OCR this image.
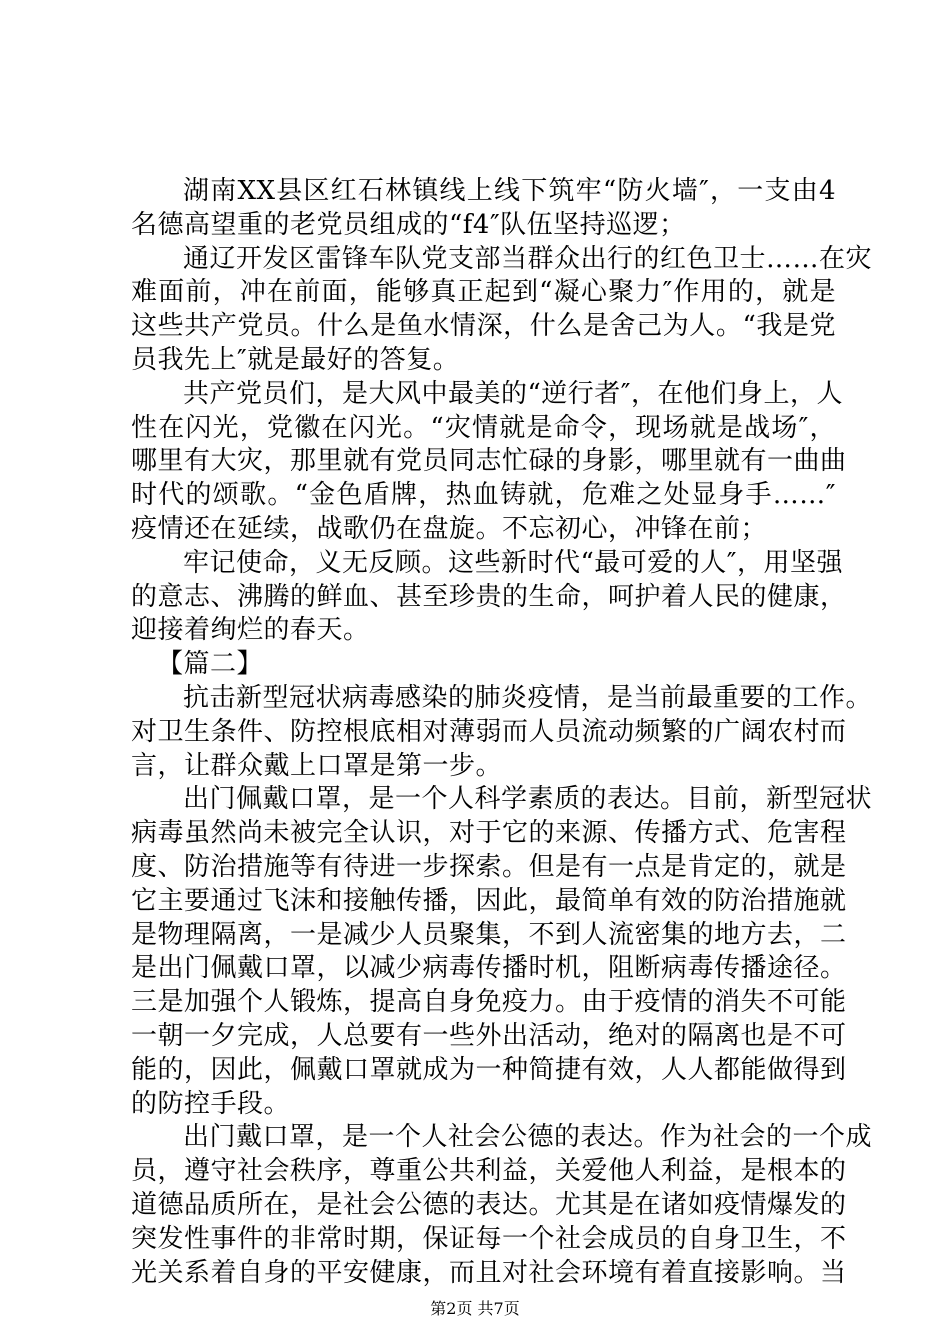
湖南XX县区红石林镇线上线下筑牢“防火墙″，一支由4
名德高望重的老党员组成的“f4″队伍坚持巡逻；
通辽开发区雷锋车队党支部当群众出行的红色卫士……在灾
难面前，冲在前面，能够真正起到“凝心聚力″作用的，就是
这些共产党员。什么是鱼水情深，什么是舍己为人。“我是党
员我先上″就是最好的答复。
共产党员们，是大风中最美的“逆行者″，在他们身上，人
性在闪光，党徽在闪光。“灾情就是命令，现场就是战场″，
哪里有大灾，那里就有党员同志忙碌的身影，哪里就有一曲曲
时代的颂歌。“金色盾牌，热血铸就，危难之处显身手……″
疫情还在延续，战歌仍在盘旋。不忘初心，冲锋在前；
牢记使命，义无反顾。这些新时代“最可爱的人″，用坚强
的意志、沸腾的鲜血、甚至珍贵的生命，呵护着人民的健康，
迎接着绚烂的春天。
【篇二】
抗击新型冠状病毒感染的肺炎疫情，是当前最重要的工作。
对卫生条件、防控根底相对薄弱而人员流动频繁的广阔农村而
言，让群众戴上口罩是第一步。
出门佩戴口罩，是一个人科学素质的表达。目前，新型冠状
病毒虽然尚未被完全认识，对于它的来源、传播方式、危害程
度、防治措施等有待进一步探索。但是有一点是肯定的，就是
它主要通过飞沫和接触传播，因此，最简单有效的防治措施就
是物理隔离，一是减少人员聚集，不到人流密集的地方去，二
是出门佩戴口罩，以减少病毒传播时机，阻断病毒传播途径。
三是加强个人锻炼，提高自身免疫力。由于疫情的消失不可能
一朝一夕完成，人总要有一些外出活动，绝对的隔离也是不可
能的，因此，佩戴口罩就成为一种简捷有效，人人都能做得到
的防控手段。
出门戴口罩，是一个人社会公德的表达。作为社会的一个成
员，遵守社会秩序，尊重公共利益，关爱他人利益，是根本的
道德品质所在，是社会公德的表达。尤其是在诸如疫情爆发的
突发性事件的非常时期，保证每一个社会成员的自身卫生，不
光关系着自身的平安健康，而且对社会环境有着直接影响。当
第2页 共7页
